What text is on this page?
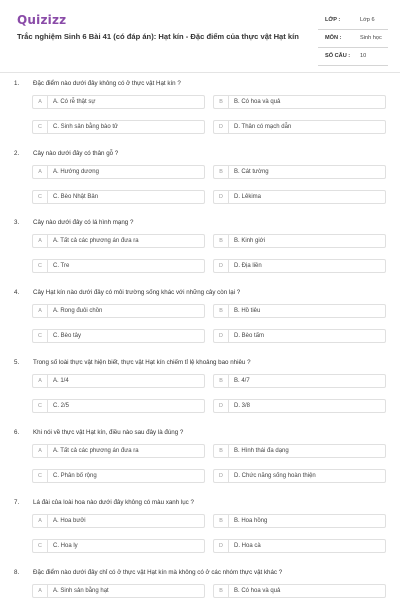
Quizizz
Trắc nghiệm Sinh 6 Bài 41 (có đáp án): Hạt kín - Đặc điểm của thực vật Hạt kín
LỚP :	Lớp 6
MÔN :	Sinh học
SỐ CÂU : 10
1. Đặc điểm nào dưới đây không có ở thực vật Hạt kín ?
A	A. Có rễ thật sự	B	B. Có hoa và quả
C	C. Sinh sản bằng bào tử	D	D. Thân có mạch dẫn
2. Cây nào dưới đây có thân gỗ ?
A	A. Hướng dương	B	B. Cát tường
C	C. Bèo Nhật Bản	D	D. Lêkima
3. Cây nào dưới đây có lá hình mạng ?
A	A. Tất cả các phương án đưa ra	B	B. Kinh giới
C	C. Tre	D	D. Địa liền
4. Cây Hạt kín nào dưới đây có môi trường sống khác với những cây còn lại ?
A	A. Rong đuôi chồn	B	B. Hồ tiêu
C	C. Bèo tây	D	D. Bèo tấm
5. Trong số loài thực vật hiện biết, thực vật Hạt kín chiếm tỉ lệ khoảng bao nhiêu ?
A	A. 1/4	B	B. 4/7
C	C. 2/5	D	D. 3/8
6. Khi nói về thực vật Hạt kín, điều nào sau đây là đúng ?
A	A. Tất cả các phương án đưa ra	B	B. Hình thái đa dạng
C	C. Phân bố rộng	D	D. Chức năng sống hoàn thiện
7. Lá đài của loài hoa nào dưới đây không có màu xanh lục ?
A	A. Hoa bưởi	B	B. Hoa hồng
C	C. Hoa ly	D	D. Hoa cà
8. Đặc điểm nào dưới đây chỉ có ở thực vật Hạt kín mà không có ở các nhóm thực vật khác ?
A	A. Sinh sản bằng hạt	B	B. Có hoa và quả
